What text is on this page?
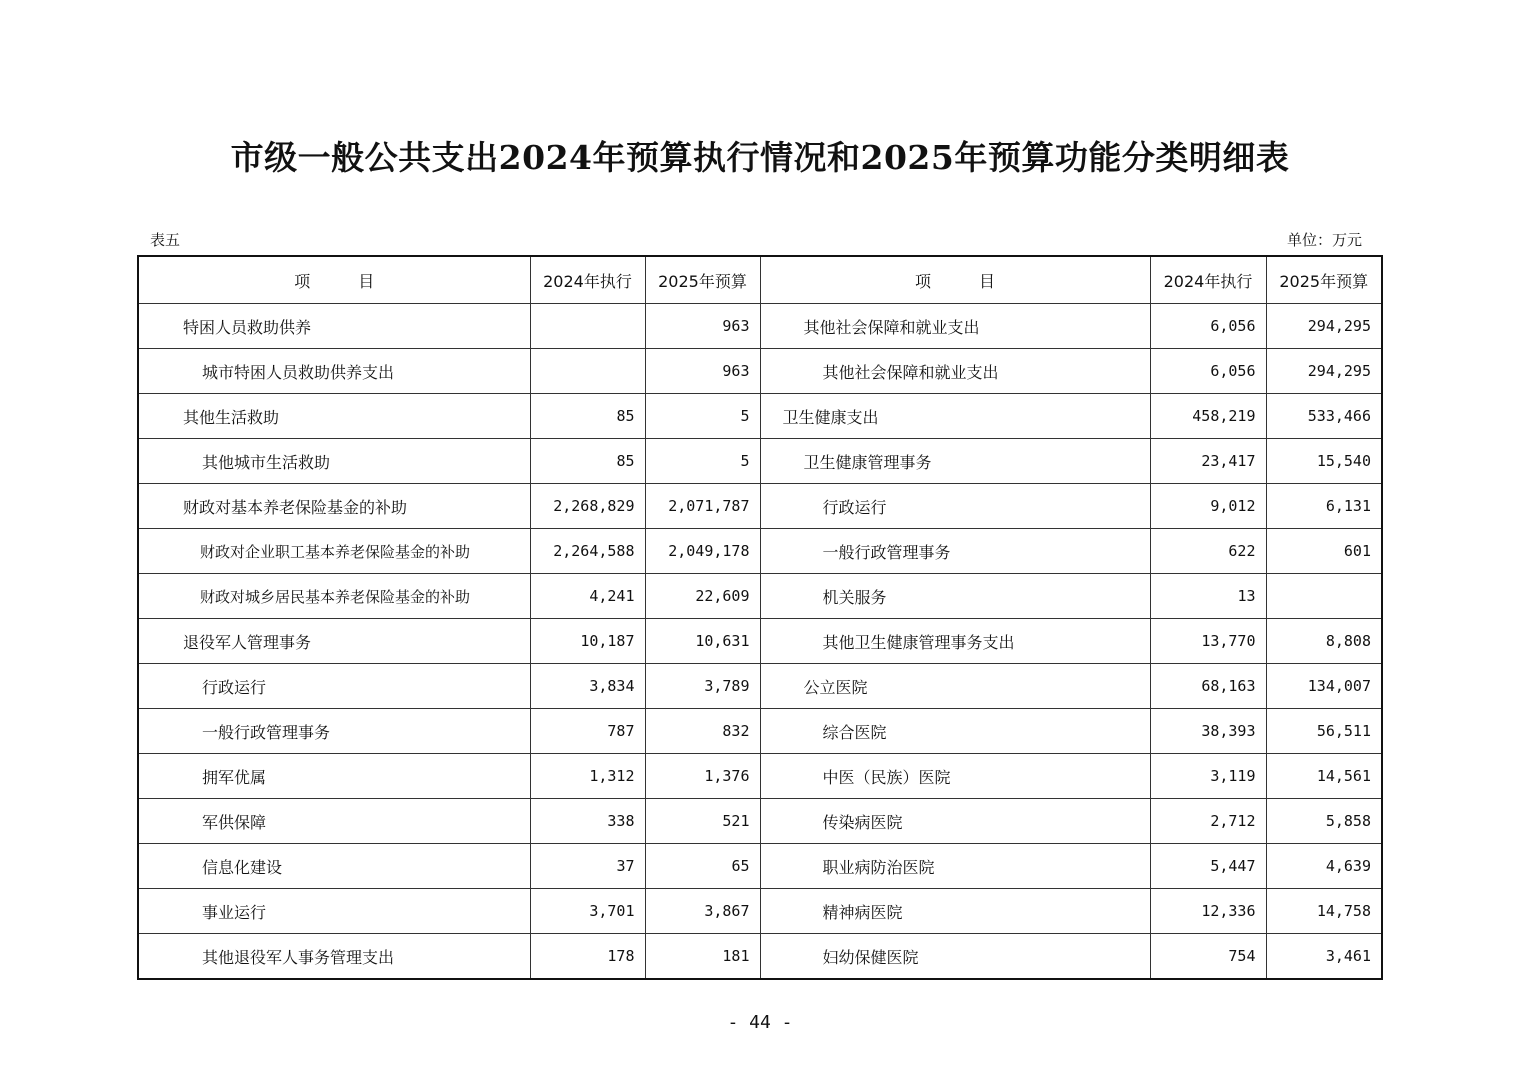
市级一般公共支出2024年预算执行情况和2025年预算功能分类明细表
表五	单位：万元
项　　　目	2024年执行	2025年预算	项　　　目	2024年执行	2025年预算
特困人员救助供养		963	其他社会保障和就业支出	6,056	294,295
城市特困人员救助供养支出		963	其他社会保障和就业支出	6,056	294,295
其他生活救助	85	5	卫生健康支出	458,219	533,466
其他城市生活救助	85	5	卫生健康管理事务	23,417	15,540
财政对基本养老保险基金的补助	2,268,829	2,071,787	行政运行	9,012	6,131
财政对企业职工基本养老保险基金的补助	2,264,588	2,049,178	一般行政管理事务	622	601
财政对城乡居民基本养老保险基金的补助	4,241	22,609	机关服务	13	
退役军人管理事务	10,187	10,631	其他卫生健康管理事务支出	13,770	8,808
行政运行	3,834	3,789	公立医院	68,163	134,007
一般行政管理事务	787	832	综合医院	38,393	56,511
拥军优属	1,312	1,376	中医（民族）医院	3,119	14,561
军供保障	338	521	传染病医院	2,712	5,858
信息化建设	37	65	职业病防治医院	5,447	4,639
事业运行	3,701	3,867	精神病医院	12,336	14,758
其他退役军人事务管理支出	178	181	妇幼保健医院	754	3,461
- 44 -
